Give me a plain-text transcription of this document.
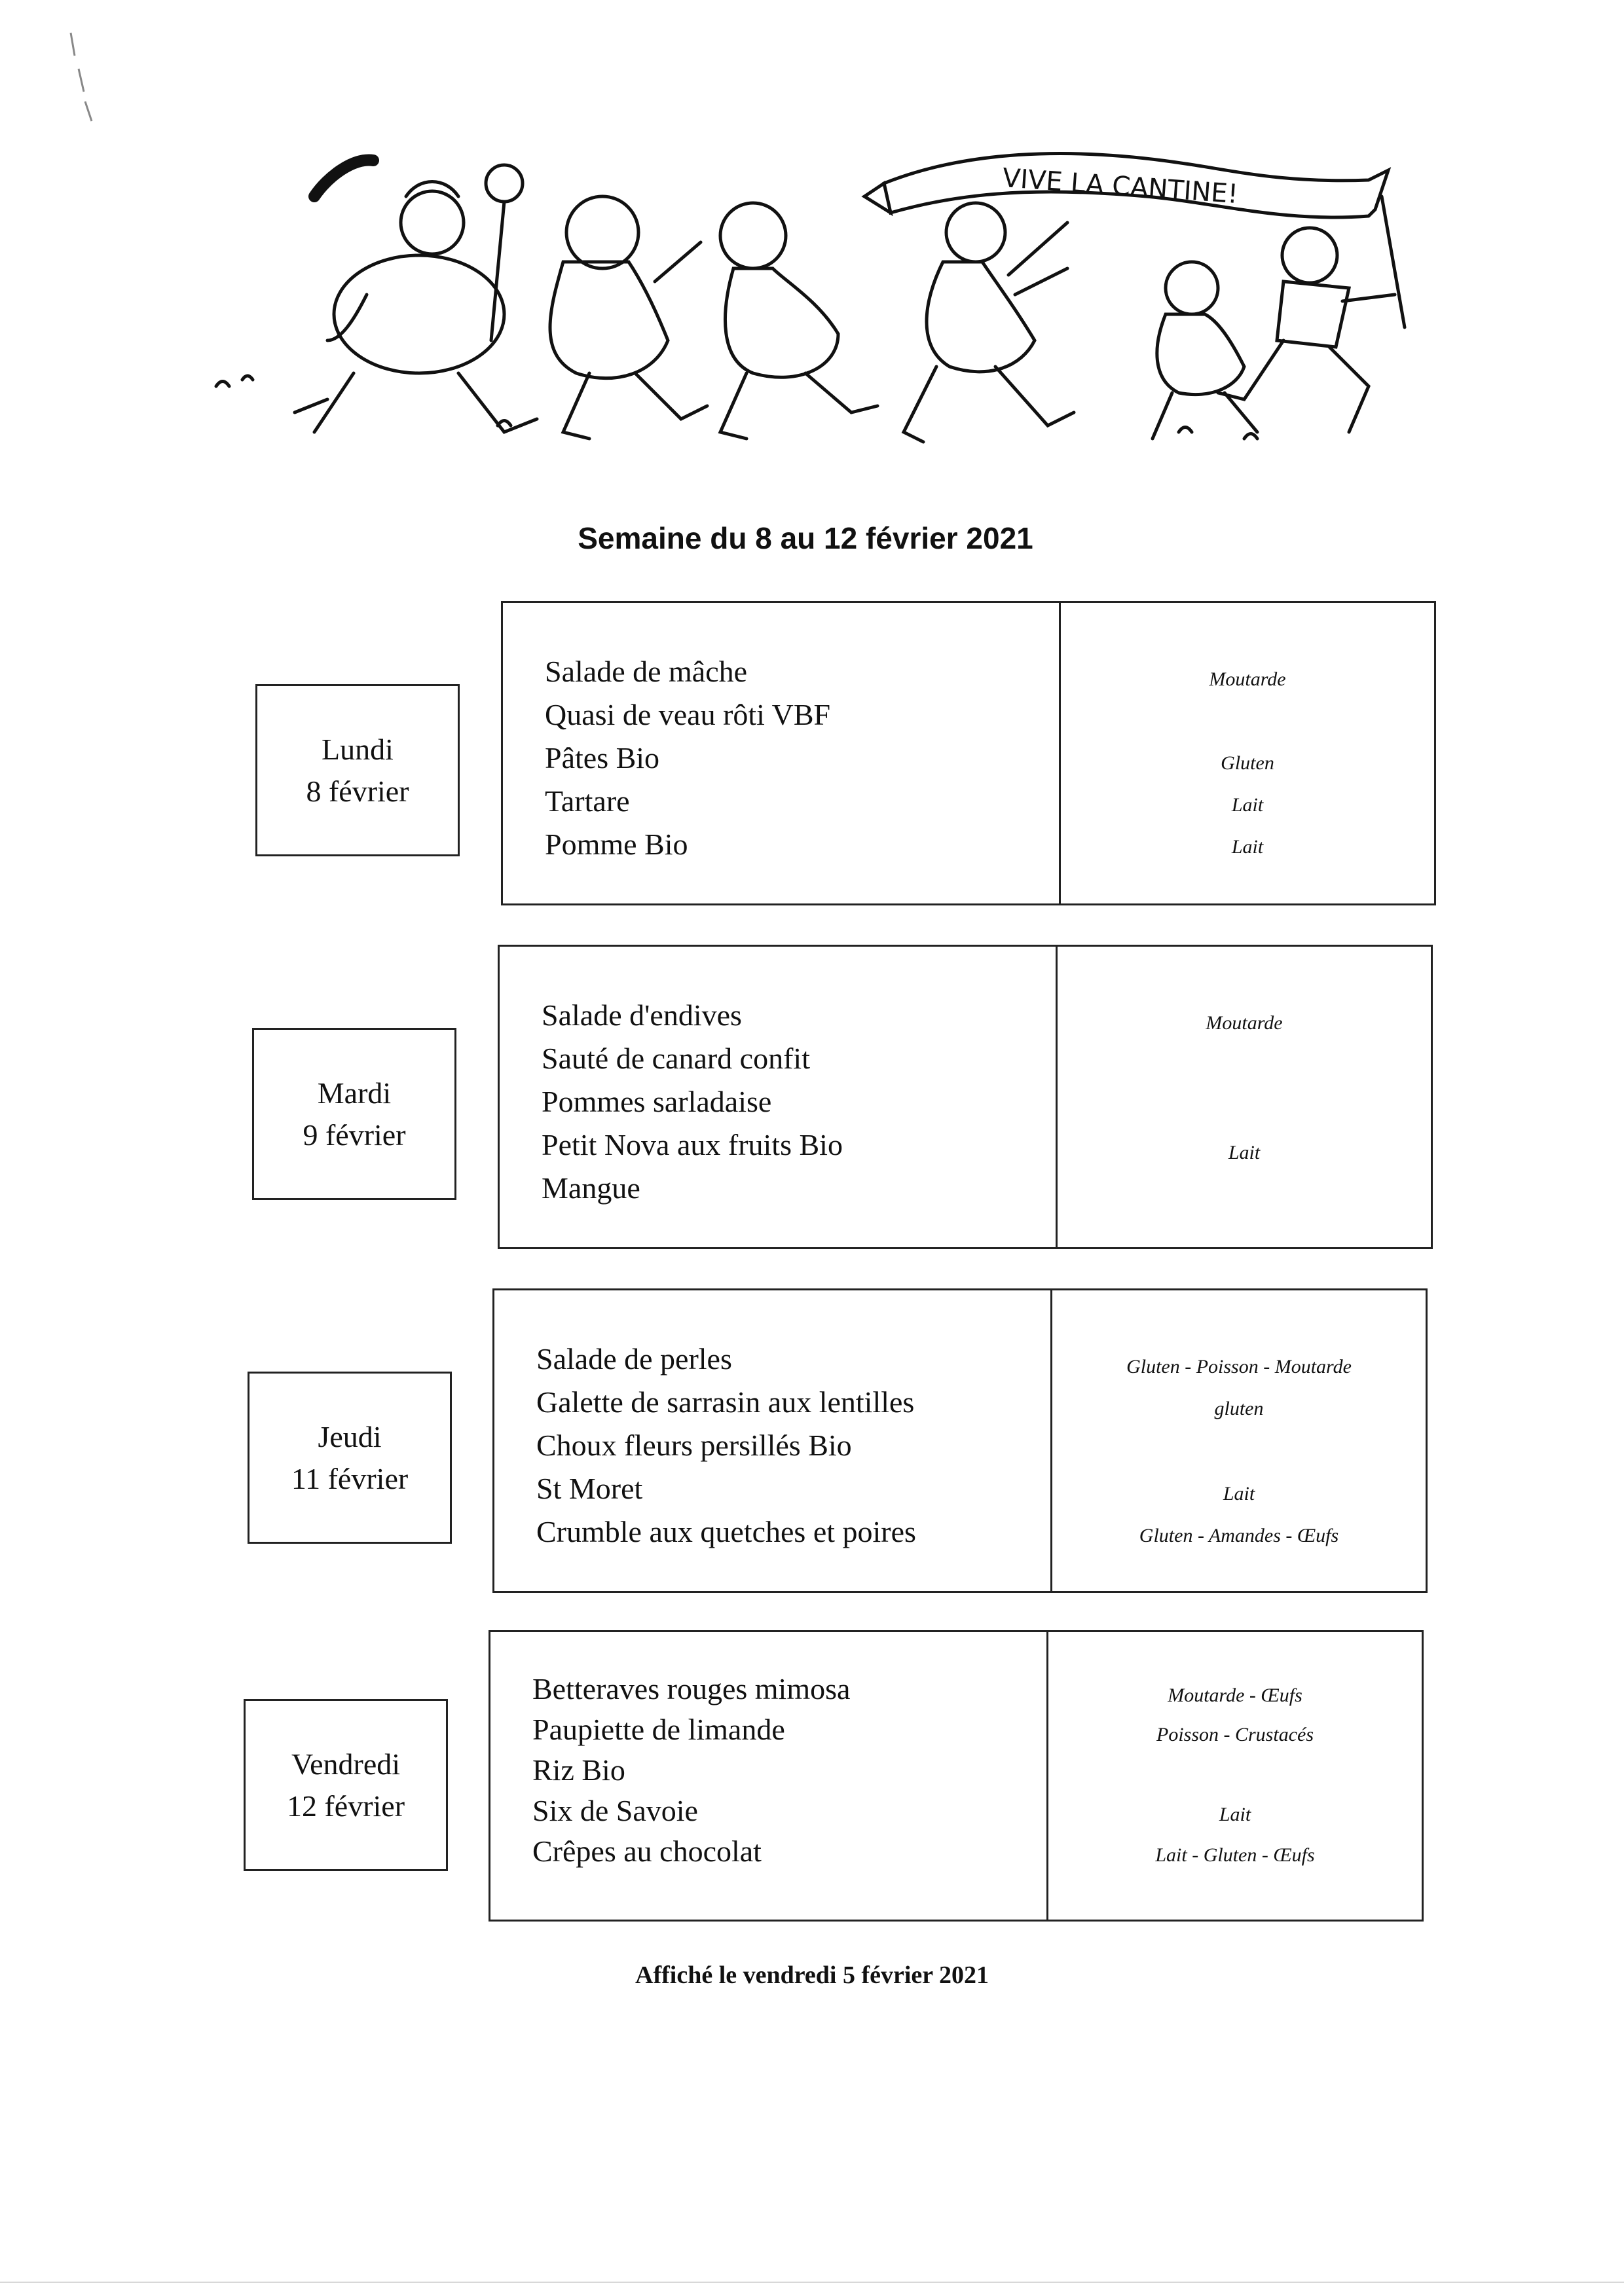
VIVE LA CANTINE!
Semaine du 8 au 12 février 2021
Lundi
8 février
Salade de mâche
Quasi de veau rôti VBF
Pâtes Bio
Tartare
Pomme Bio
Moutarde
Gluten
Lait
Lait
Mardi
9 février
Salade d'endives
Sauté de canard confit
Pommes sarladaise
Petit Nova aux fruits Bio
Mangue
Moutarde
Lait
Jeudi
11 février
Salade de perles
Galette de sarrasin aux lentilles
Choux fleurs persillés Bio
St Moret
Crumble aux quetches et poires
Gluten - Poisson - Moutarde
gluten
Lait
Gluten - Amandes - Œufs
Vendredi
12 février
Betteraves rouges mimosa
Paupiette de limande
Riz Bio
Six de Savoie
Crêpes au chocolat
Moutarde - Œufs
Poisson - Crustacés
Lait
Lait - Gluten - Œufs
Affiché le vendredi 5 février 2021
